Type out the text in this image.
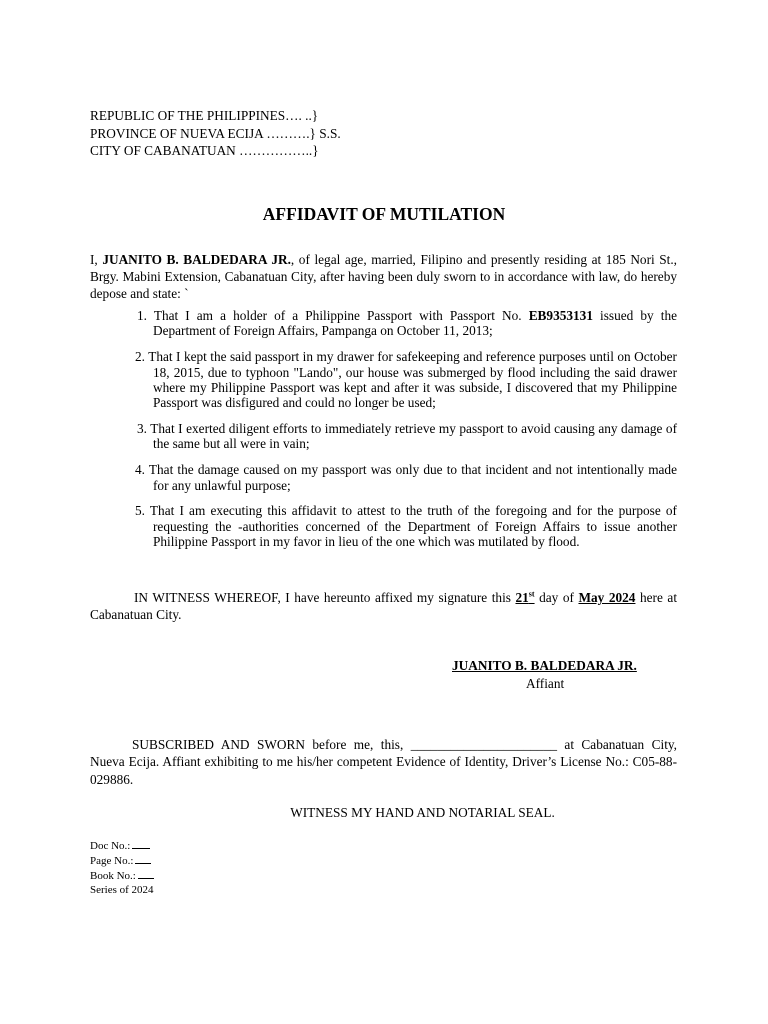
REPUBLIC OF THE PHILIPPINES…. ..}
PROVINCE OF NUEVA ECIJA ……….} S.S.
CITY OF CABANATUAN ……………..}
AFFIDAVIT OF MUTILATION
I, JUANITO B. BALDEDARA JR., of legal age, married, Filipino and presently residing at 185 Nori St., Brgy. Mabini Extension, Cabanatuan City, after having been duly sworn to in accordance with law, do hereby depose and state: `
1. That I am a holder of a Philippine Passport with Passport No. EB9353131 issued by the Department of Foreign Affairs, Pampanga on October 11, 2013;
2. That I kept the said passport in my drawer for safekeeping and reference purposes until on October 18, 2015, due to typhoon "Lando", our house was submerged by flood including the said drawer where my Philippine Passport was kept and after it was subside, I discovered that my Philippine Passport was disfigured and could no longer be used;
3. That I exerted diligent efforts to immediately retrieve my passport to avoid causing any damage of the same but all were in vain;
4. That the damage caused on my passport was only due to that incident and not intentionally made for any unlawful purpose;
5. That I am executing this affidavit to attest to the truth of the foregoing and for the purpose of requesting the -authorities concerned of the Department of Foreign Affairs to issue another Philippine Passport in my favor in lieu of the one which was mutilated by flood.
IN WITNESS WHEREOF, I have hereunto affixed my signature this 21st day of May 2024 here at Cabanatuan City.
JUANITO B. BALDEDARA JR.
Affiant
SUBSCRIBED AND SWORN before me, this, ______________________ at Cabanatuan City, Nueva Ecija. Affiant exhibiting to me his/her competent Evidence of Identity, Driver’s License No.: C05-88-029886.
WITNESS MY HAND AND NOTARIAL SEAL.
Doc No.:
Page No.:
Book No.:
Series of 2024
